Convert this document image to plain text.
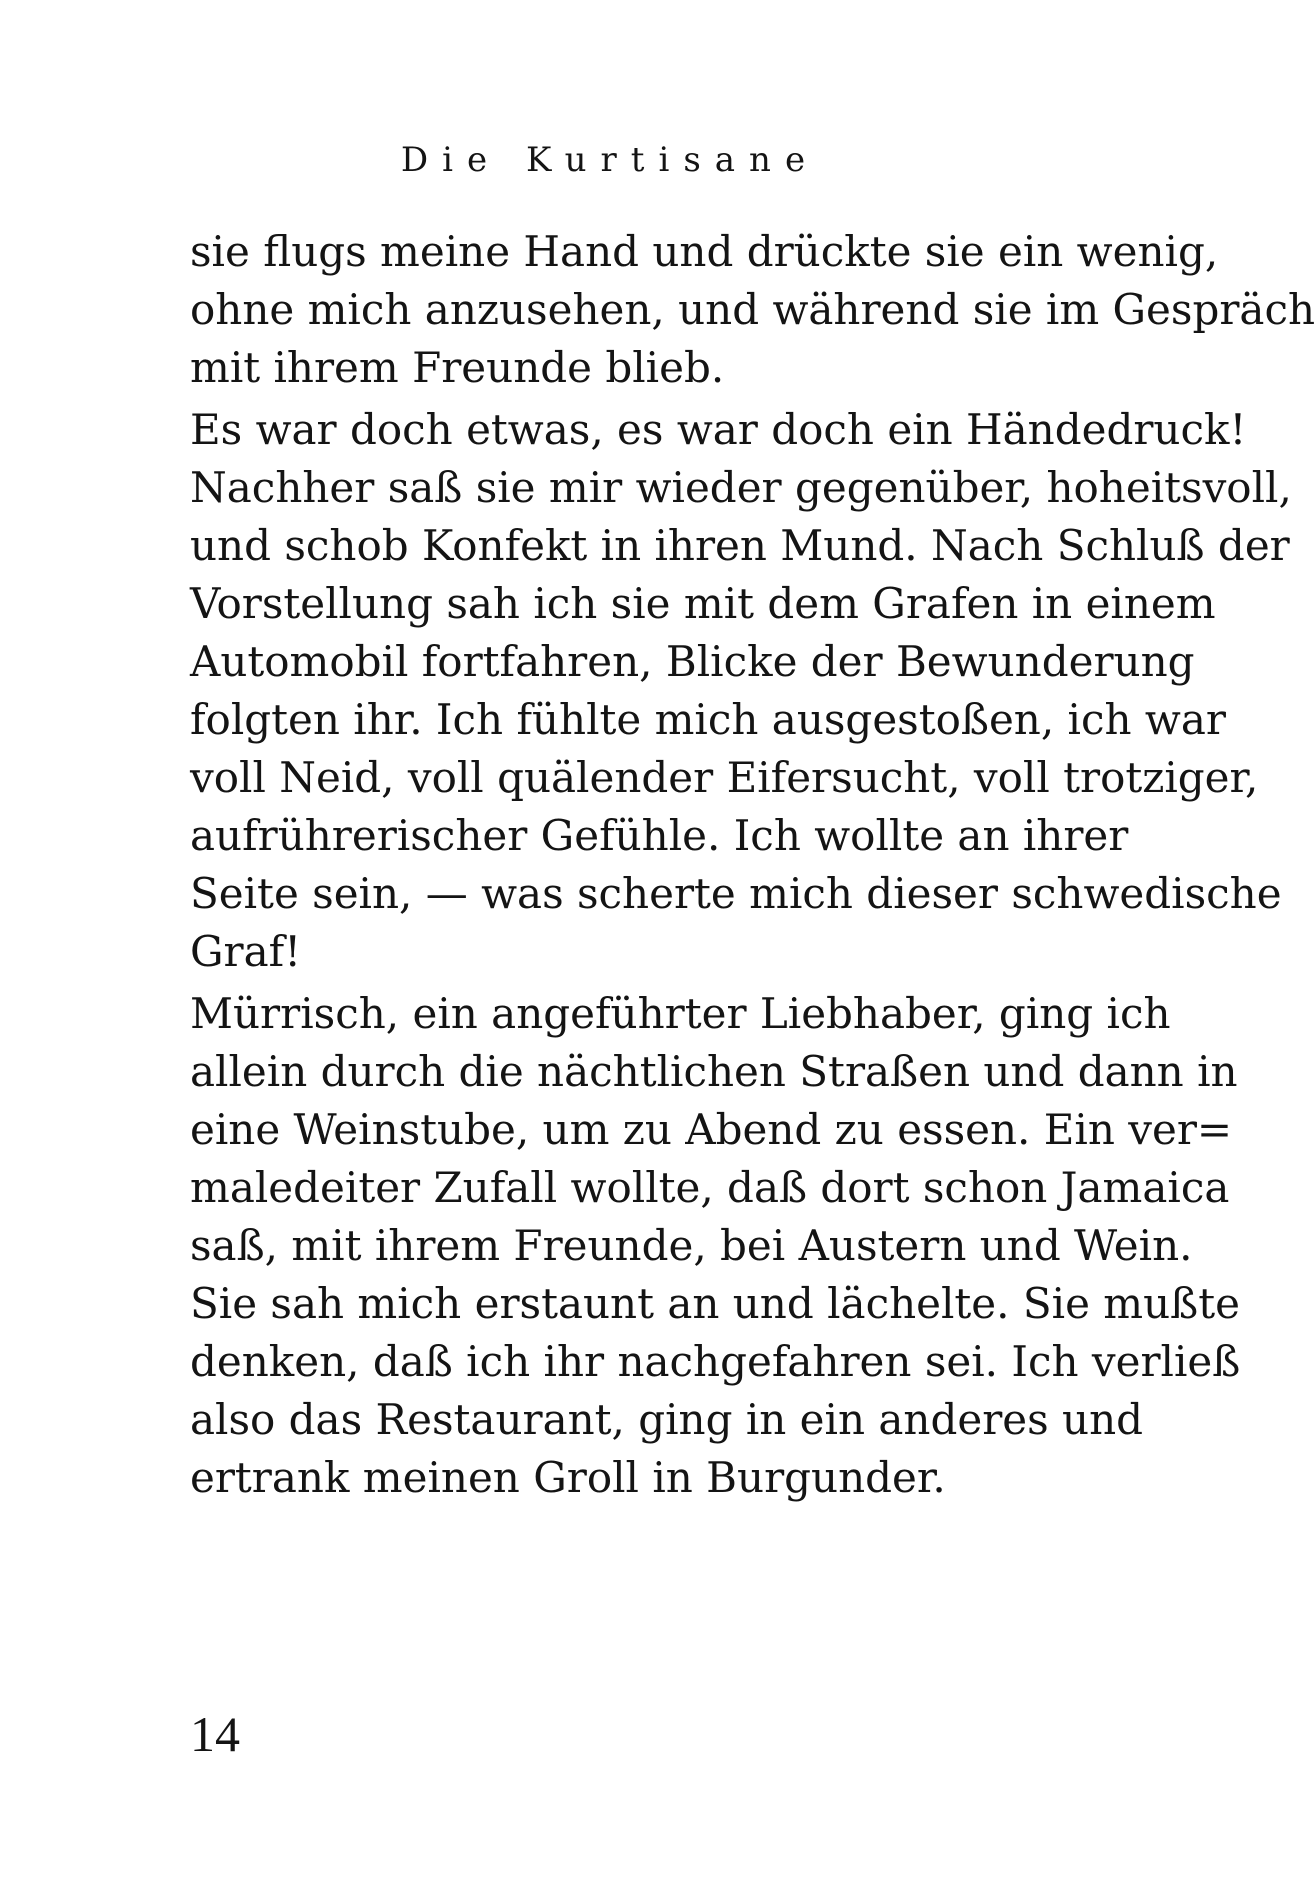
Die Kurtisane
sie flugs meine Hand und drückte sie ein wenig,
ohne mich anzusehen, und während sie im Gespräch
mit ihrem Freunde blieb.
Es war doch etwas, es war doch ein Händedruck!
Nachher saß sie mir wieder gegenüber, hoheitsvoll,
und schob Konfekt in ihren Mund. Nach Schluß der
Vorstellung sah ich sie mit dem Grafen in einem
Automobil fortfahren, Blicke der Bewunderung
folgten ihr. Ich fühlte mich ausgestoßen, ich war
voll Neid, voll quälender Eifersucht, voll trotziger,
aufrührerischer Gefühle. Ich wollte an ihrer
Seite sein, — was scherte mich dieser schwedische
Graf!
Mürrisch, ein angeführter Liebhaber, ging ich
allein durch die nächtlichen Straßen und dann in
eine Weinstube, um zu Abend zu essen. Ein ver=
maledeiter Zufall wollte, daß dort schon Jamaica
saß, mit ihrem Freunde, bei Austern und Wein.
Sie sah mich erstaunt an und lächelte. Sie mußte
denken, daß ich ihr nachgefahren sei. Ich verließ
also das Restaurant, ging in ein anderes und
ertrank meinen Groll in Burgunder.
14
